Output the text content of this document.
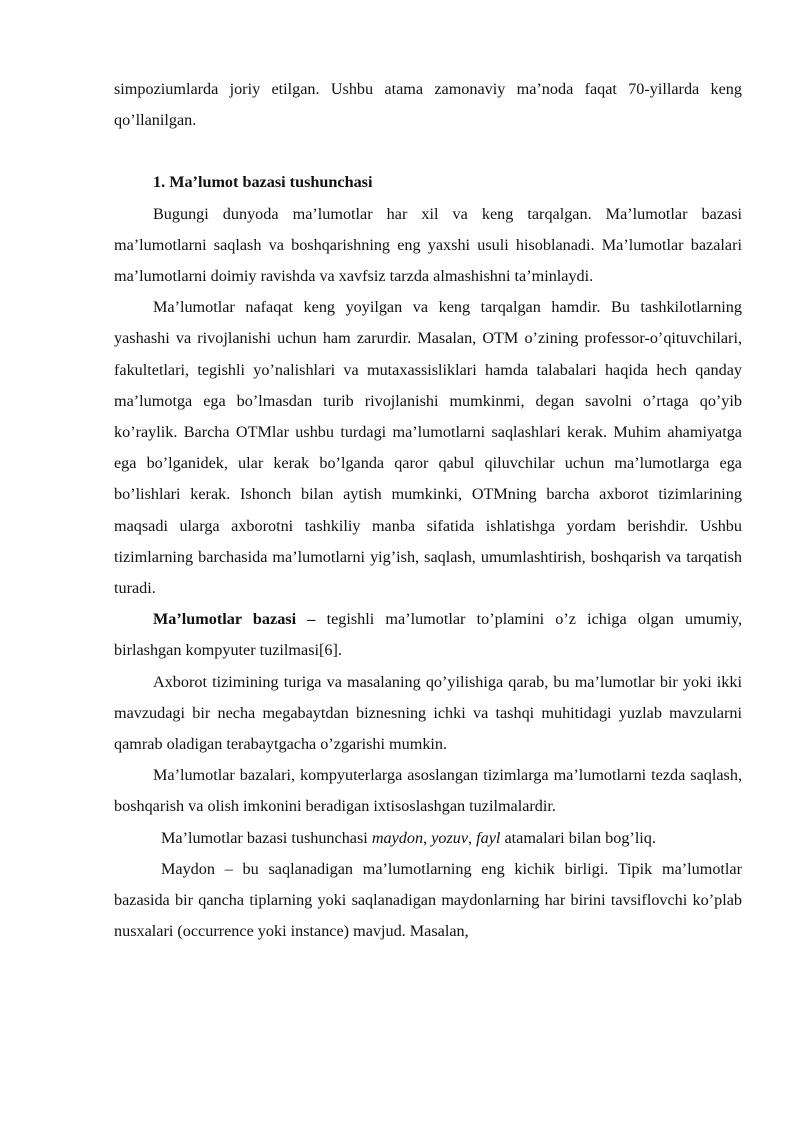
simpoziumlarda joriy etilgan. Ushbu atama zamonaviy ma’noda faqat 70-yillarda keng qo’llanilgan.

1. Ma’lumot bazasi tushunchasi

Bugungi dunyoda ma’lumotlar har xil va keng tarqalgan. Ma’lumotlar bazasi ma’lumotlarni saqlash va boshqarishning eng yaxshi usuli hisoblanadi. Ma’lumotlar bazalari ma’lumotlarni doimiy ravishda va xavfsiz tarzda almashishni ta’minlaydi.

Ma’lumotlar nafaqat keng yoyilgan va keng tarqalgan hamdir. Bu tashkilotlarning yashashi va rivojlanishi uchun ham zarurdir. Masalan, OTM o’zining professor-o’qituvchilari, fakultetlari, tegishli yo’nalishlari va mutaxassisliklari hamda talabalari haqida hech qanday ma’lumotga ega bo’lmasdan turib rivojlanishi mumkinmi, degan savolni o’rtaga qo’yib ko’raylik. Barcha OTMlar ushbu turdagi ma’lumotlarni saqlashlari kerak. Muhim ahamiyatga ega bo’lganidek, ular kerak bo’lganda qaror qabul qiluvchilar uchun ma’lumotlarga ega bo’lishlari kerak. Ishonch bilan aytish mumkinki, OTMning barcha axborot tizimlarining maqsadi ularga axborotni tashkiliy manba sifatida ishlatishga yordam berishdir. Ushbu tizimlarning barchasida ma’lumotlarni yig’ish, saqlash, umumlashtirish, boshqarish va tarqatish turadi.

Ma’lumotlar bazasi – tegishli ma’lumotlar to’plamini o’z ichiga olgan umumiy, birlashgan kompyuter tuzilmasi[6].

Axborot tizimining turiga va masalaning qo’yilishiga qarab, bu ma’lumotlar bir yoki ikki mavzudagi bir necha megabaytdan biznesning ichki va tashqi muhitidagi yuzlab mavzularni qamrab oladigan terabaytgacha o’zgarishi mumkin.

Ma’lumotlar bazalari, kompyuterlarga asoslangan tizimlarga ma’lumotlarni tezda saqlash, boshqarish va olish imkonini beradigan ixtisoslashgan tuzilmalardir.

Ma’lumotlar bazasi tushunchasi maydon, yozuv, fayl atamalari bilan bog’liq.

Maydon – bu saqlanadigan ma’lumotlarning eng kichik birligi. Tipik ma’lumotlar bazasida bir qancha tiplarning yoki saqlanadigan maydonlarning har birini tavsiflovchi ko’plab nusxalari (occurrence yoki instance) mavjud. Masalan,
